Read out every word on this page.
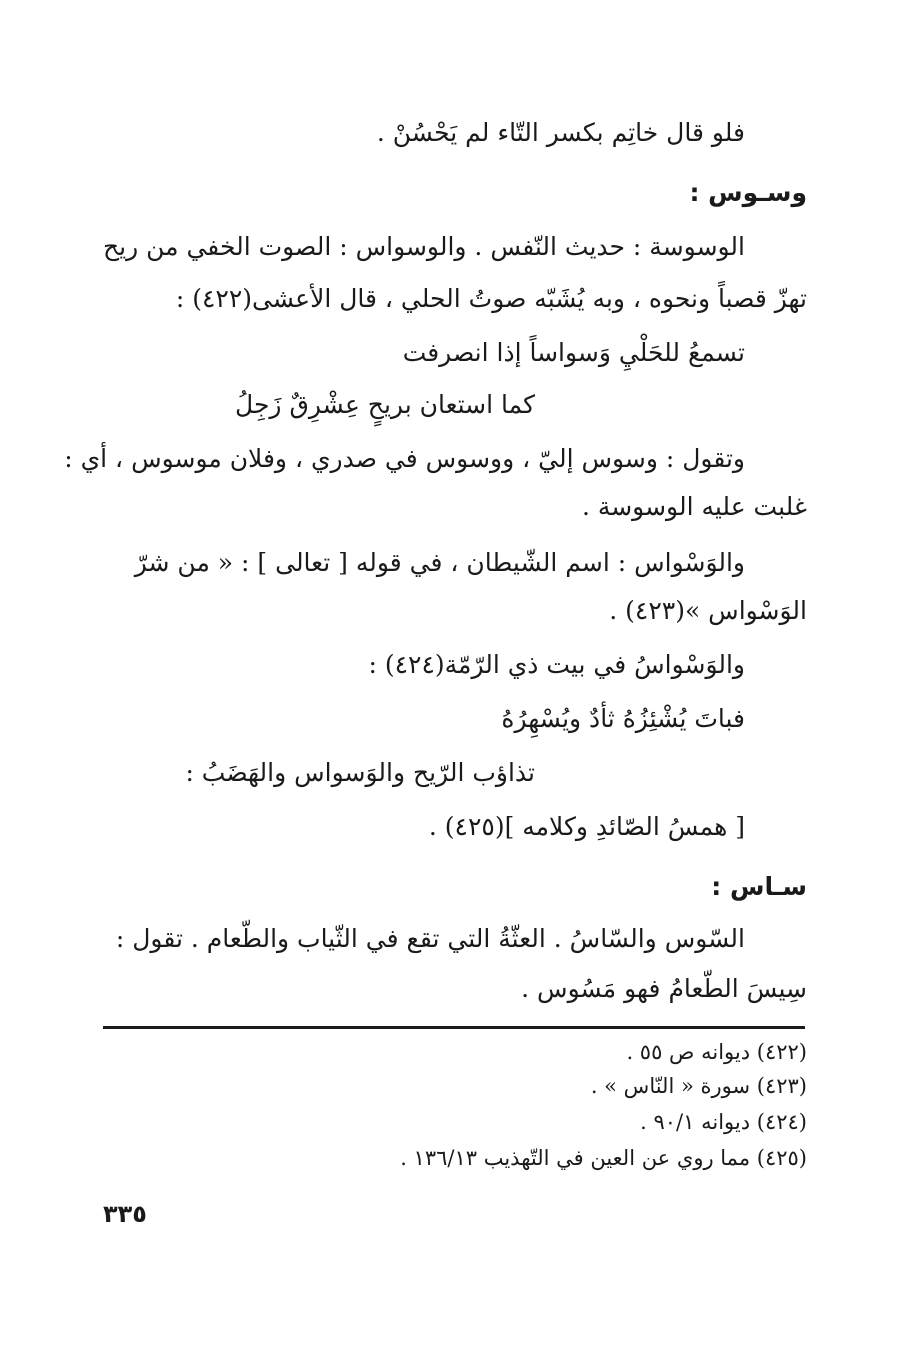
فلو قال خاتِم بكسر التّاء لم يَحْسُنْ .
وسـوس :
الوسوسة : حديث النّفس . والوسواس : الصوت الخفي من ريح
تهزّ قصباً ونحوه ، وبه يُشَبّه صوتُ الحلي ، قال الأعشى(٤٢٢) :
تسمعُ للحَلْيِ وَسواساً إذا انصرفت
كما استعان بريحٍ عِشْرِقٌ زَجِلُ
وتقول : وسوس إليّ ، ووسوس في صدري ، وفلان موسوس ، أي :
غلبت عليه الوسوسة .
والوَسْواس : اسم الشّيطان ، في قوله [ تعالى ] : « من شرّ
الوَسْواس »(٤٢٣) .
والوَسْواسُ في بيت ذي الرّمّة(٤٢٤) :
فباتَ يُشْئِزُهُ ثأدٌ ويُسْهِرُهُ
تذاؤب الرّيح والوَسواس والهَضَبُ :
[ همسُ الصّائدِ وكلامه ](٤٢٥) .
سـاس :
السّوس والسّاسُ . العثّةُ التي تقع في الثّياب والطّعام . تقول :
سِيسَ الطّعامُ فهو مَسُوس .
(٤٢٢) ديوانه ص ٥٥ .
(٤٢٣) سورة « النّاس » .
(٤٢٤) ديوانه ٩٠/١ .
(٤٢٥) مما روي عن العين في التّهذيب ١٣٦/١٣ .
٣٣٥
